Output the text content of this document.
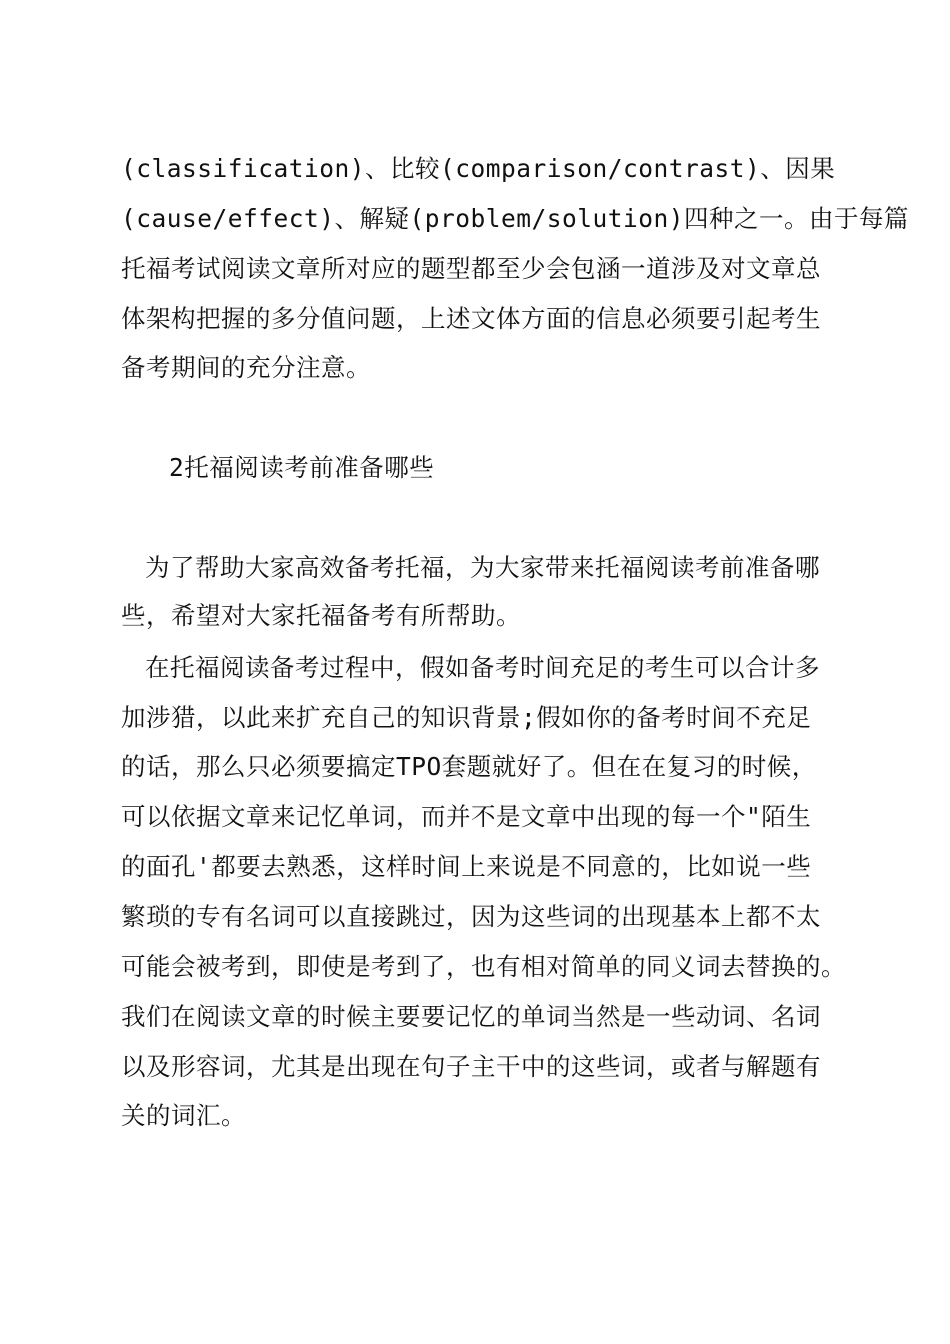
(classification)、比较(comparison/contrast)、因果
(cause/effect)、解疑(problem/solution)四种之一。由于每篇
托福考试阅读文章所对应的题型都至少会包涵一道涉及对文章总
体架构把握的多分值问题，上述文体方面的信息必须要引起考生
备考期间的充分注意。
2托福阅读考前准备哪些
为了帮助大家高效备考托福，为大家带来托福阅读考前准备哪
些，希望对大家托福备考有所帮助。
在托福阅读备考过程中，假如备考时间充足的考生可以合计多
加涉猎，以此来扩充自己的知识背景;假如你的备考时间不充足
的话，那么只必须要搞定TPO套题就好了。但在在复习的时候，
可以依据文章来记忆单词，而并不是文章中出现的每一个"陌生
的面孔'都要去熟悉，这样时间上来说是不同意的，比如说一些
繁琐的专有名词可以直接跳过，因为这些词的出现基本上都不太
可能会被考到，即使是考到了，也有相对简单的同义词去替换的。
我们在阅读文章的时候主要要记忆的单词当然是一些动词、名词
以及形容词，尤其是出现在句子主干中的这些词，或者与解题有
关的词汇。
